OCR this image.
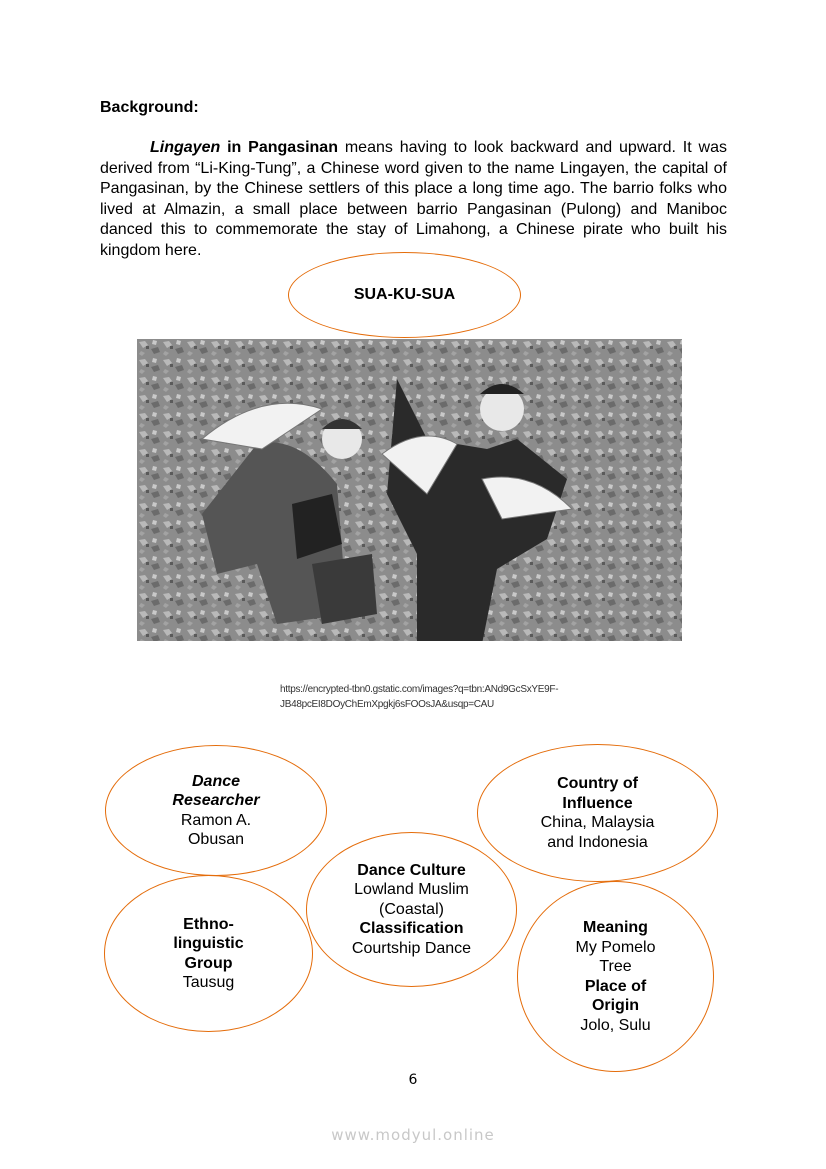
Background:

Lingayen in Pangasinan means having to look backward and upward. It was derived from “Li-King-Tung”, a Chinese word given to the name Lingayen, the capital of Pangasinan, by the Chinese settlers of this place a long time ago. The barrio folks who lived at Almazin, a small place between barrio Pangasinan (Pulong) and Maniboc danced this to commemorate the stay of Limahong, a Chinese pirate who built his kingdom here.

SUA-KU-SUA
https://encrypted-tbn0.gstatic.com/images?q=tbn:ANd9GcSxYE9F-
JB48pcEI8DOyChEmXpgkj6sFOOsJA&usqp=CAU
Dance
Researcher
Ramon A.
Obusan
Country of
Influence
China, Malaysia
and Indonesia
Ethno-
linguistic
Group
Tausug
Dance Culture
Lowland Muslim
(Coastal)
Classification
Courtship Dance
Meaning
My Pomelo
Tree
Place of
Origin
Jolo, Sulu
6
www.modyul.online
